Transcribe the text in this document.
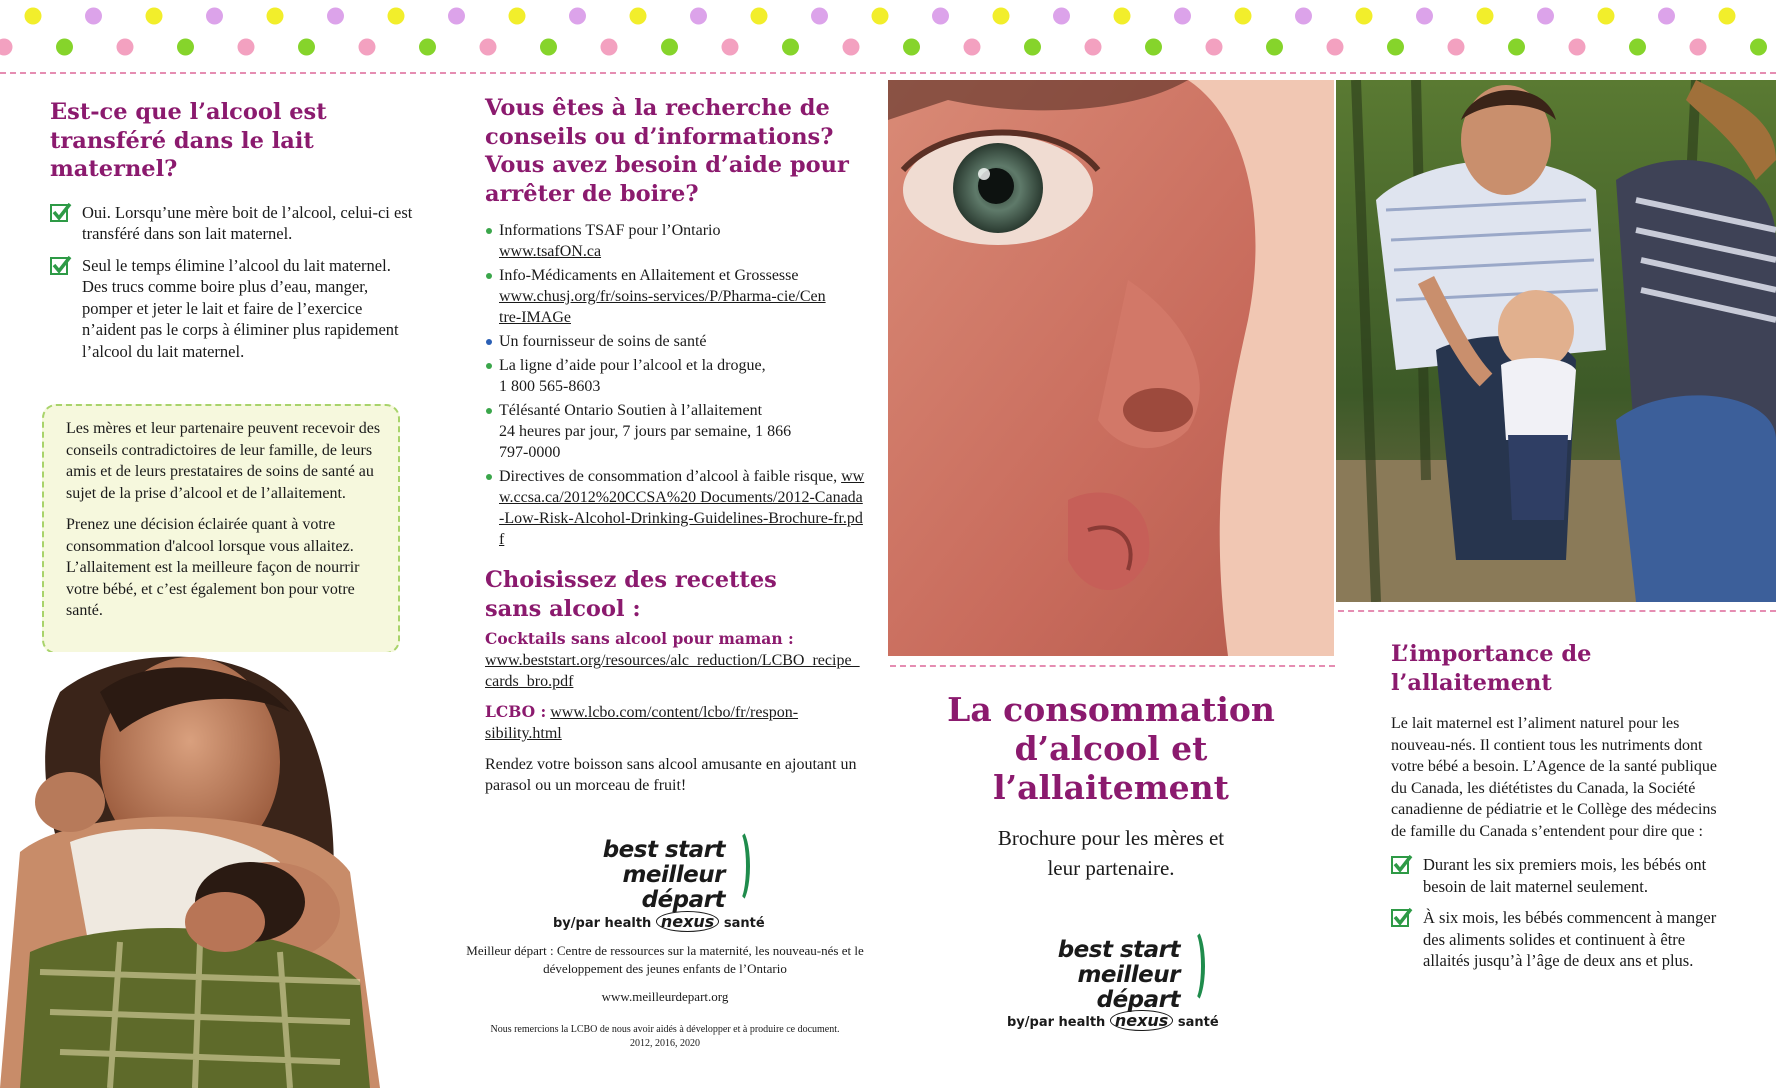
Est-ce que l’alcool est transféré dans le lait maternel?
Oui. Lorsqu’une mère boit de l’alcool, celui-ci est transféré dans son lait maternel.
Seul le temps élimine l’alcool du lait maternel. Des trucs comme boire plus d’eau, manger, pomper et jeter le lait et faire de l’exercice n’aident pas le corps à éliminer plus rapidement l’alcool du lait maternel.

Les mères et leur partenaire peuvent recevoir des conseils contradictoires de leur famille, de leurs amis et de leurs prestataires de soins de santé au sujet de la prise d’alcool et de l’allaitement.

Prenez une décision éclairée quant à votre consommation d'alcool lorsque vous allaitez. L’allaitement est la meilleure façon de nourrir votre bébé, et c’est également bon pour votre santé.

Vous êtes à la recherche de conseils ou d’informations? Vous avez besoin d’aide pour arrêter de boire?
Informations TSAF pour l’Ontario
www.tsafON.ca
Info-Médicaments en Allaitement et Grossesse
www.chusj.org/fr/soins-services/P/Pharma-cie/Centre-IMAGe
Un fournisseur de soins de santé
La ligne d’aide pour l’alcool et la drogue,
1 800 565-8603
Télésanté Ontario Soutien à l’allaitement
24 heures par jour, 7 jours par semaine, 1 866 797-0000
Directives de consommation d’alcool à faible risque, www.ccsa.ca/2012%20CCSA%20 Documents/2012-Canada-Low-Risk-Alcohol-Drinking-Guidelines-Brochure-fr.pdf
Choisissez des recettes sans alcool :

Cocktails sans alcool pour maman :
www.beststart.org/resources/alc_reduction/LCBO_recipe_cards_bro.pdf

LCBO : www.lcbo.com/content/lcbo/fr/respon-sibility.html

Rendez votre boisson sans alcool amusante en ajoutant un parasol ou un morceau de fruit!

best start
meilleur départ
by/par health nexus santé
Meilleur départ : Centre de ressources sur la maternité, les nouveau-nés et le développement des jeunes enfants de l’Ontario
www.meilleurdepart.org
Nous remercions la LCBO de nous avoir aidés à développer et à produire ce document.
2012, 2016, 2020
La consommation d’alcool et l’allaitement

Brochure pour les mères et leur partenaire.

best start
meilleur départ
by/par health nexus santé
L’importance de l’allaitement

Le lait maternel est l’aliment naturel pour les nouveau-nés. Il contient tous les nutriments dont votre bébé a besoin. L’Agence de la santé publique du Canada, les diététistes du Canada, la Société canadienne de pédiatrie et le Collège des médecins de famille du Canada s’entendent pour dire que :

Durant les six premiers mois, les bébés ont besoin de lait maternel seulement.
À six mois, les bébés commencent à manger des aliments solides et continuent à être allaités jusqu’à l’âge de deux ans et plus.
